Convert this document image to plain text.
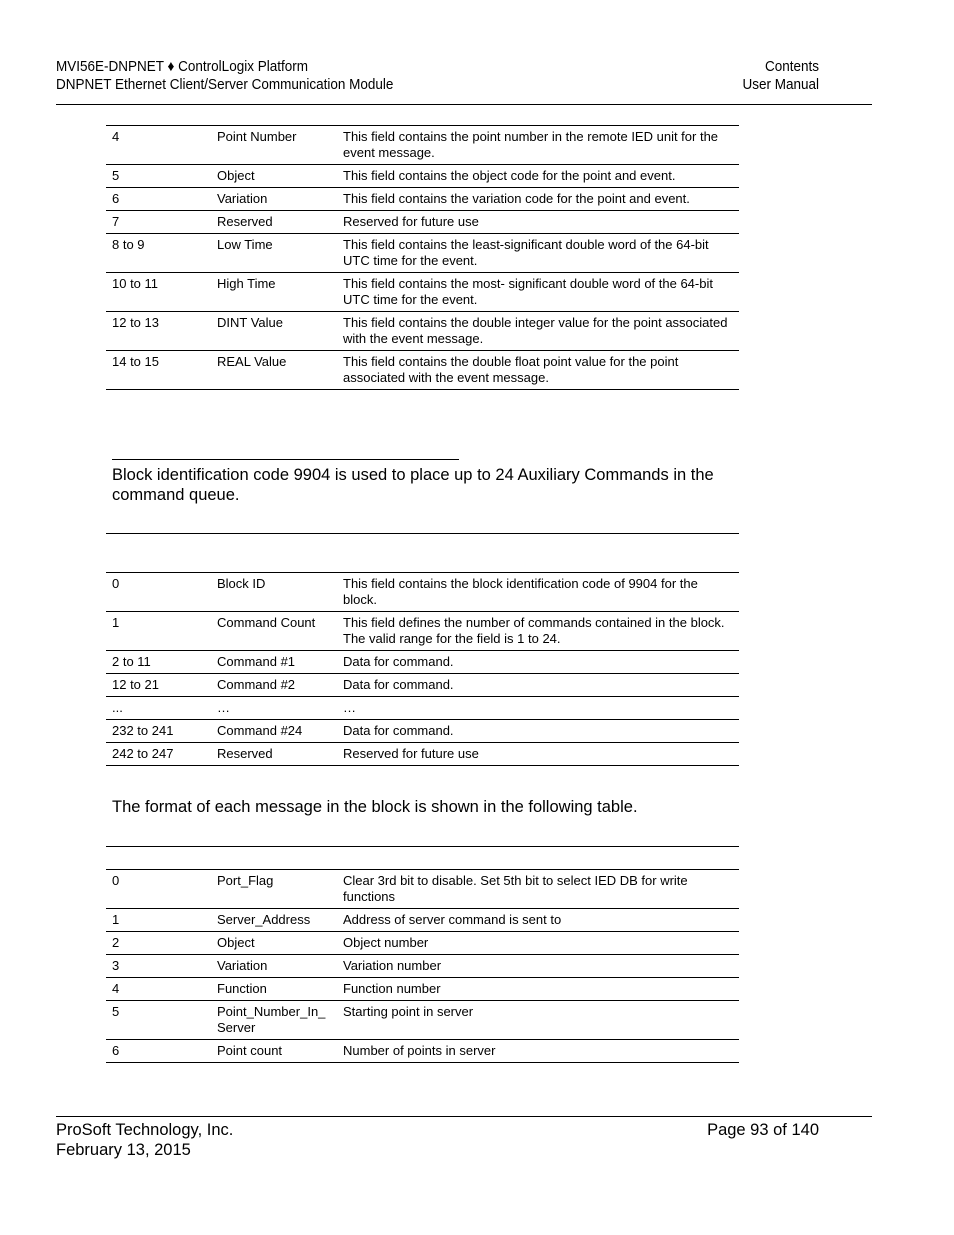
MVI56E-DNPNET ♦ ControlLogix Platform
DNPNET Ethernet Client/Server Communication Module
Contents
User Manual
4	Point Number	This field contains the point number in the remote IED unit for the event message.
5	Object	This field contains the object code for the point and event.
6	Variation	This field contains the variation code for the point and event.
7	Reserved	Reserved for future use
8 to 9	Low Time	This field contains the least-significant double word of the 64-bit UTC time for the event.
10 to 11	High Time	This field contains the most- significant double word of the 64-bit UTC time for the event.
12 to 13	DINT Value	This field contains the double integer value for the point associated with the event message.
14 to 15	REAL Value	This field contains the double float point value for the point associated with the event message.
Block identification code 9904 is used to place up to 24 Auxiliary Commands in the command queue.
0	Block ID	This field contains the block identification code of 9904 for the block.
1	Command Count	This field defines the number of commands contained in the block. The valid range for the field is 1 to 24.
2 to 11	Command #1	Data for command.
12 to 21	Command #2	Data for command.
...	…	…
232 to 241	Command #24	Data for command.
242 to 247	Reserved	Reserved for future use
The format of each message in the block is shown in the following table.
0	Port_Flag	Clear 3rd bit to disable. Set 5th bit to select IED DB for write functions
1	Server_Address	Address of server command is sent to
2	Object	Object number
3	Variation	Variation number
4	Function	Function number
5	Point_Number_In_Server	Starting point in server
6	Point count	Number of points in server
ProSoft Technology, Inc.
February 13, 2015
Page 93 of 140
